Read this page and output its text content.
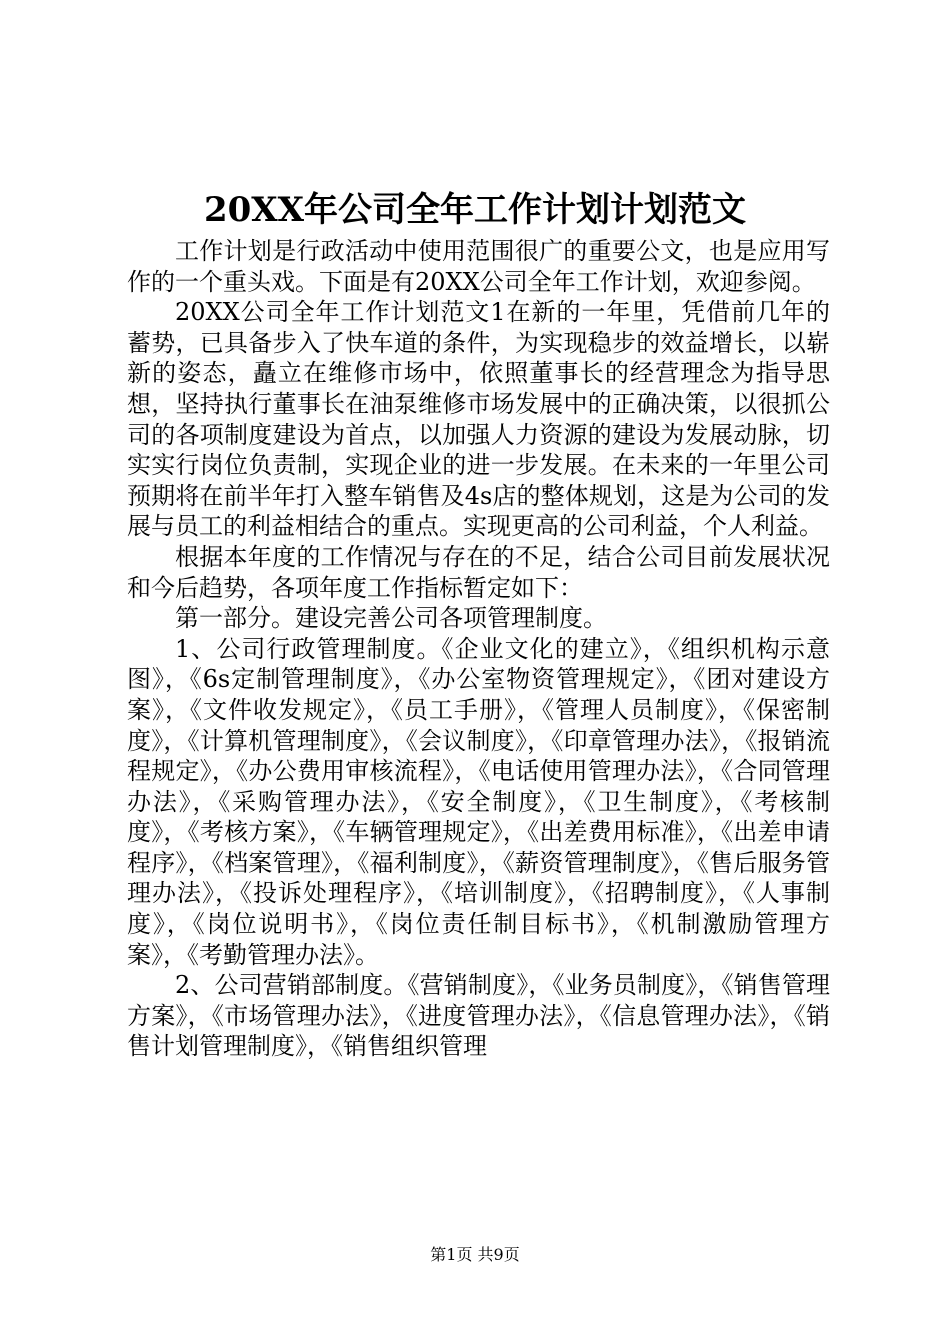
20XX年公司全年工作计划计划范文

工作计划是行政活动中使用范围很广的重要公文，也是应用写作的一个重头戏。下面是有20XX公司全年工作计划，欢迎参阅。

20XX公司全年工作计划范文1在新的一年里，凭借前几年的蓄势，已具备步入了快车道的条件，为实现稳步的效益增长，以崭新的姿态，矗立在维修市场中，依照董事长的经营理念为指导思想，坚持执行董事长在油泵维修市场发展中的正确决策，以很抓公司的各项制度建设为首点，以加强人力资源的建设为发展动脉，切实实行岗位负责制，实现企业的进一步发展。在未来的一年里公司预期将在前半年打入整车销售及4s店的整体规划，这是为公司的发展与员工的利益相结合的重点。实现更高的公司利益，个人利益。

根据本年度的工作情况与存在的不足，结合公司目前发展状况和今后趋势，各项年度工作指标暂定如下：

第一部分。建设完善公司各项管理制度。

1、公司行政管理制度。《企业文化的建立》，《组织机构示意图》，《6s定制管理制度》，《办公室物资管理规定》，《团对建设方案》，《文件收发规定》，《员工手册》，《管理人员制度》，《保密制度》，《计算机管理制度》，《会议制度》，《印章管理办法》，《报销流程规定》，《办公费用审核流程》，《电话使用管理办法》，《合同管理办法》，《采购管理办法》，《安全制度》，《卫生制度》，《考核制度》，《考核方案》，《车辆管理规定》，《出差费用标准》，《出差申请程序》，《档案管理》，《福利制度》，《薪资管理制度》，《售后服务管理办法》，《投诉处理程序》，《培训制度》，《招聘制度》，《人事制度》，《岗位说明书》，《岗位责任制目标书》，《机制激励管理方案》，《考勤管理办法》。

2、公司营销部制度。《营销制度》，《业务员制度》，《销售管理方案》，《市场管理办法》，《进度管理办法》，《信息管理办法》，《销售计划管理制度》，《销售组织管理

第1页 共9页
